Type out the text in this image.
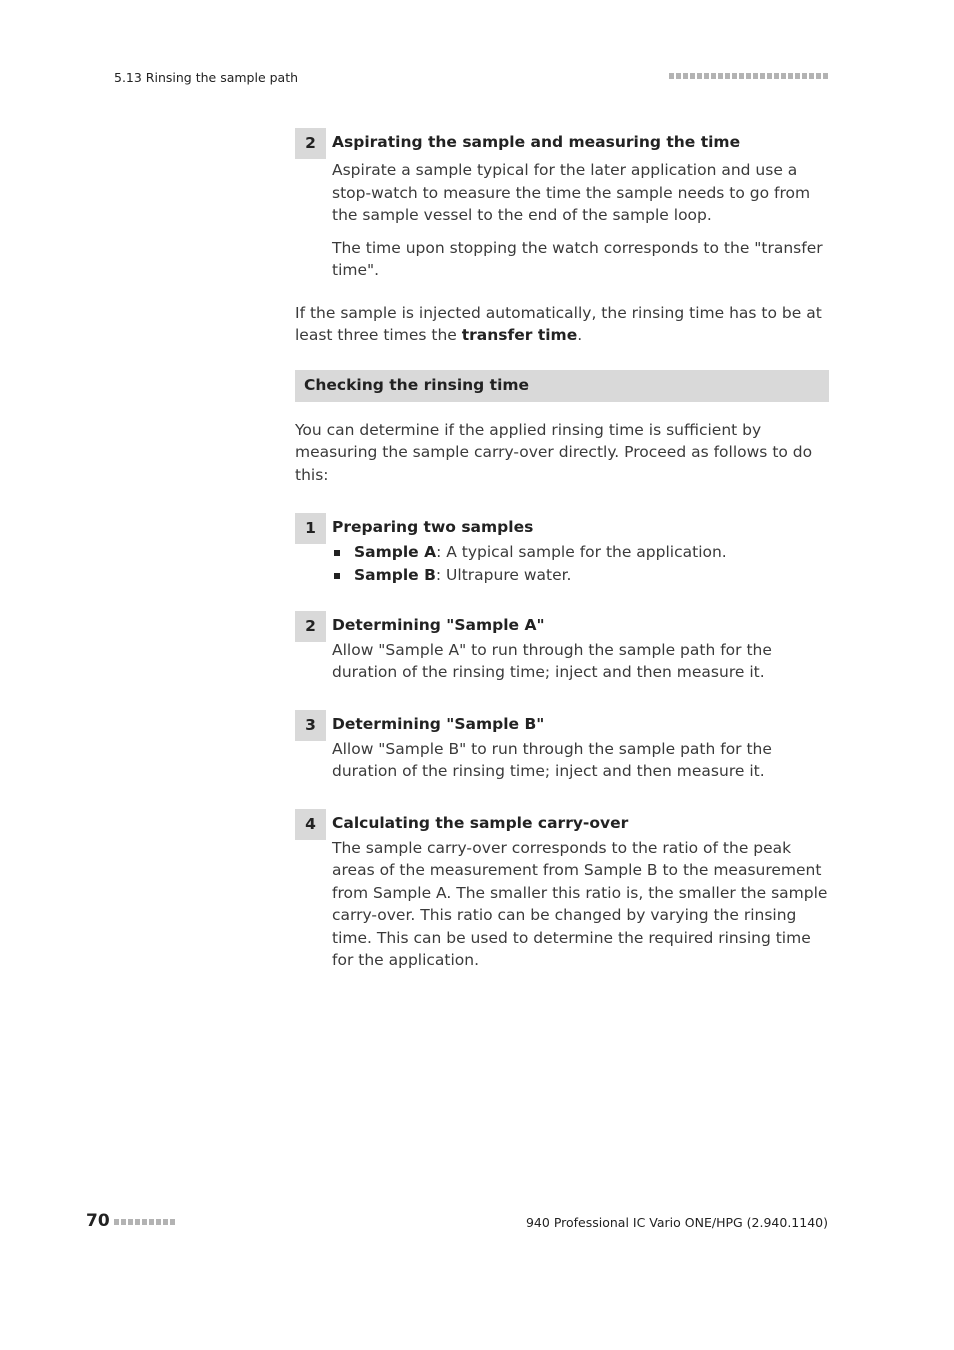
5.13 Rinsing the sample path
2	Aspirating the sample and measuring the time

Aspirate a sample typical for the later application and use a stop-watch to measure the time the sample needs to go from the sample vessel to the end of the sample loop.

The time upon stopping the watch corresponds to the "transfer time".

If the sample is injected automatically, the rinsing time has to be at least three times the transfer time.

Checking the rinsing time

You can determine if the applied rinsing time is sufficient by measuring the sample carry-over directly. Proceed as follows to do this:

1	Preparing two samples
Sample A: A typical sample for the application.
Sample B: Ultrapure water.
2	Determining "Sample A"

Allow "Sample A" to run through the sample path for the duration of the rinsing time; inject and then measure it.

3	Determining "Sample B"

Allow "Sample B" to run through the sample path for the duration of the rinsing time; inject and then measure it.

4	Calculating the sample carry-over

The sample carry-over corresponds to the ratio of the peak areas of the measurement from Sample B to the measurement from Sample A. The smaller this ratio is, the smaller the sample carry-over. This ratio can be changed by varying the rinsing time. This can be used to determine the required rinsing time for the application.

70	940 Professional IC Vario ONE/HPG (2.940.1140)
